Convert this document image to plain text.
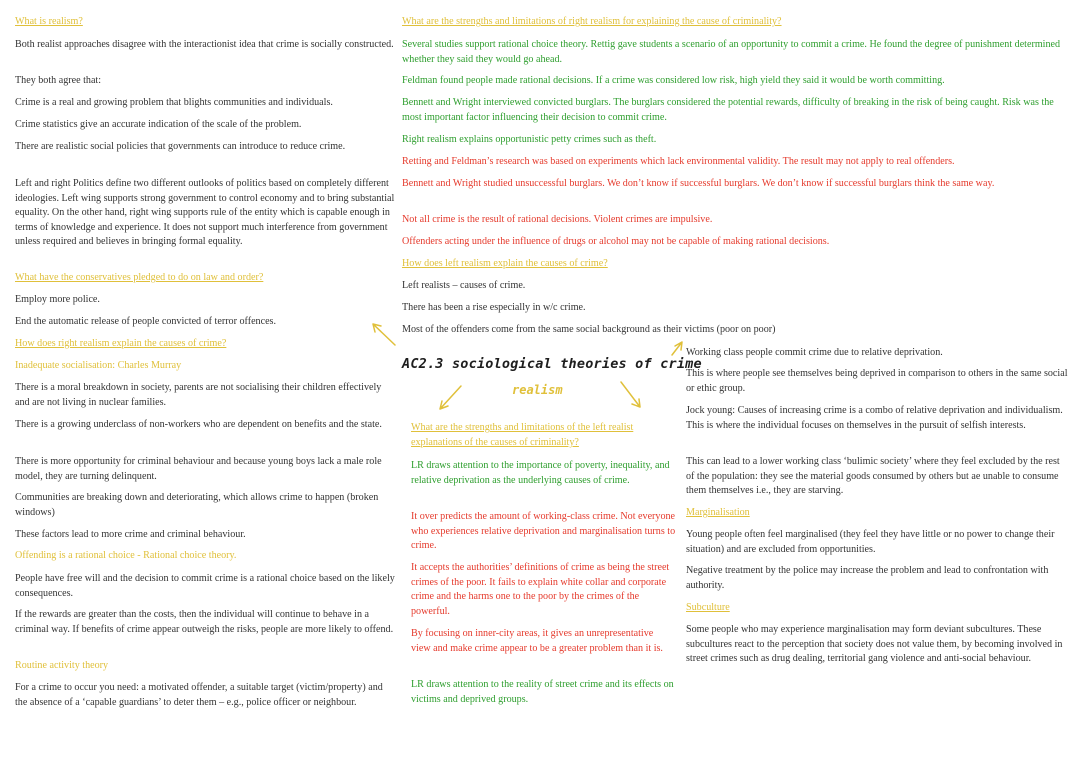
What is realism?

Both realist approaches disagree with the interactionist idea that crime is socially constructed.

They both agree that:

Crime is a real and growing problem that blights communities and individuals.

Crime statistics give an accurate indication of the scale of the problem.

There are realistic social policies that governments can introduce to reduce crime.

Left and right Politics define two different outlooks of politics based on completely different ideologies. Left wing supports strong government to control economy and to bring substantial equality. On the other hand, right wing supports rule of the entity which is capable enough in terms of knowledge and experience. It does not support much interference from government unless required and believes in bringing formal equality.

What have the conservatives pledged to do on law and order?

Employ more police.

End the automatic release of people convicted of terror offences.

How does right realism explain the causes of crime?

Inadequate socialisation: Charles Murray

There is a moral breakdown in society, parents are not socialising their children effectively and are not living in nuclear families.

There is a growing underclass of non-workers who are dependent on benefits and the state.

There is more opportunity for criminal behaviour and because young boys lack a male role model, they are turning delinquent.

Communities are breaking down and deteriorating, which allows crime to happen (broken windows)

These factors lead to more crime and criminal behaviour.

Offending is a rational choice - Rational choice theory.

People have free will and the decision to commit crime is a rational choice based on the likely consequences.

If the rewards are greater than the costs, then the individual will continue to behave in a criminal way. If benefits of crime appear outweigh the risks, people are more likely to offend.

Routine activity theory

For a crime to occur you need: a motivated offender, a suitable target (victim/property) and the absence of a ‘capable guardians’ to deter them – e.g., police officer or neighbour.

What are the strengths and limitations of right realism for explaining the cause of criminality?

Several studies support rational choice theory. Rettig gave students a scenario of an opportunity to commit a crime. He found the degree of punishment determined whether they said they would go ahead.

Feldman found people made rational decisions. If a crime was considered low risk, high yield they said it would be worth committing.

Bennett and Wright interviewed convicted burglars. The burglars considered the potential rewards, difficulty of breaking in the risk of being caught. Risk was the most important factor influencing their decision to commit crime.

Right realism explains opportunistic petty crimes such as theft.

Retting and Feldman’s research was based on experiments which lack environmental validity. The result may not apply to real offenders.

Bennett and Wright studied unsuccessful burglars. We don’t know if successful burglars. We don’t know if successful burglars think the same way.

Not all crime is the result of rational decisions. Violent crimes are impulsive.

Offenders acting under the influence of drugs or alcohol may not be capable of making rational decisions.

How does left realism explain the causes of crime?

Left realists – causes of crime.

There has been a rise especially in w/c crime.

Most of the offenders come from the same social background as their victims (poor on poor)

AC2.3 sociological theories of crime

realism

What are the strengths and limitations of the left realist explanations of the causes of criminality?

LR draws attention to the importance of poverty, inequality, and relative deprivation as the underlying causes of crime.

It over predicts the amount of working-class crime. Not everyone who experiences relative deprivation and marginalisation turns to crime.

It accepts the authorities’ definitions of crime as being the street crimes of the poor. It fails to explain white collar and corporate crime and the harms one to the poor by the crimes of the powerful.

By focusing on inner-city areas, it gives an unrepresentative view and make crime appear to be a greater problem than it is.

LR draws attention to the reality of street crime and its effects on victims and deprived groups.

Working class people commit crime due to relative deprivation.

This is where people see themselves being deprived in comparison to others in the same social or ethic group.

Jock young: Causes of increasing crime is a combo of relative deprivation and individualism. This is where the individual focuses on themselves in the pursuit of selfish interests.

This can lead to a lower working class ‘bulimic society’ where they feel excluded by the rest of the population: they see the material goods consumed by others but ae unable to consume them themselves i.e., they are starving.

Marginalisation

Young people often feel marginalised (they feel they have little or no power to change their situation) and are excluded from opportunities.

Negative treatment by the police may increase the problem and lead to confrontation with authority.

Subculture

Some people who may experience marginalisation may form deviant subcultures. These subcultures react to the perception that society does not value them, by becoming involved in street crimes such as drug dealing, territorial gang violence and anti-social behaviour.
